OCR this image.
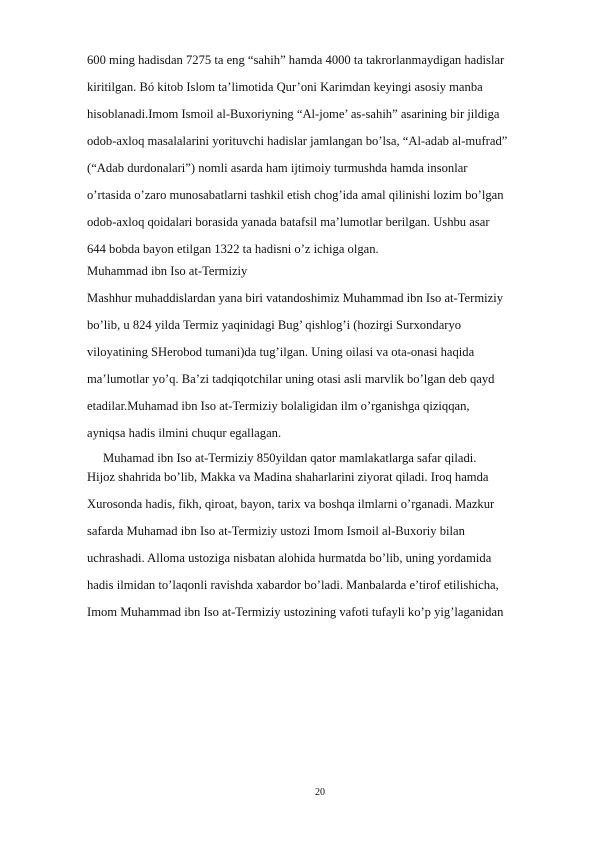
600 ming hadisdan 7275 ta eng “sahih” hamda 4000 ta takrorlanmaydigan hadislar
kiritilgan. Bó kitob Islom ta’limotida Qur’oni Karimdan keyingi asosiy manba
hisoblanadi.Imom Ismoil al-Buxoriyning “Al-jome’ as-sahih” asarining bir jildiga
odob-axloq masalalarini yorituvchi hadislar jamlangan bo’lsa, “Al-adab al-mufrad”
(“Adab durdonalari”) nomli asarda ham ijtimoiy turmushda hamda insonlar
o’rtasida o’zaro munosabatlarni tashkil etish chog’ida amal qilinishi lozim bo’lgan
odob-axloq qoidalari borasida yanada batafsil ma’lumotlar berilgan. Ushbu asar
644 bobda bayon etilgan 1322 ta hadisni o’z ichiga olgan.
Muhammad ibn Iso at-Termiziy
Mashhur muhaddislardan yana biri vatandoshimiz Muhammad ibn Iso at-Termiziy
bo’lib, u 824 yilda Termiz yaqinidagi Bug’ qishlog’i (hozirgi Surxondaryo
viloyatining SHerobod tumani)da tug’ilgan. Uning oilasi va ota-onasi haqida
ma’lumotlar yo’q. Ba’zi tadqiqotchilar uning otasi asli marvlik bo’lgan deb qayd
etadilar.Muhamad ibn Iso at-Termiziy bolaligidan ilm o’rganishga qiziqqan,
ayniqsa hadis ilmini chuqur egallagan.
Muhamad ibn Iso at-Termiziy 850yildan qator mamlakatlarga safar qiladi.
Hijoz shahrida bo’lib, Makka va Madina shaharlarini ziyorat qiladi. Iroq hamda
Xurosonda hadis, fikh, qiroat, bayon, tarix va boshqa ilmlarni o’rganadi. Mazkur
safarda Muhamad ibn Iso at-Termiziy ustozi Imom Ismoil al-Buxoriy bilan
uchrashadi. Alloma ustoziga nisbatan alohida hurmatda bo’lib, uning yordamida
hadis ilmidan to’laqonli ravishda xabardor bo’ladi. Manbalarda e’tirof etilishicha,
Imom Muhammad ibn Iso at-Termiziy ustozining vafoti tufayli ko’p yig’laganidan
20
